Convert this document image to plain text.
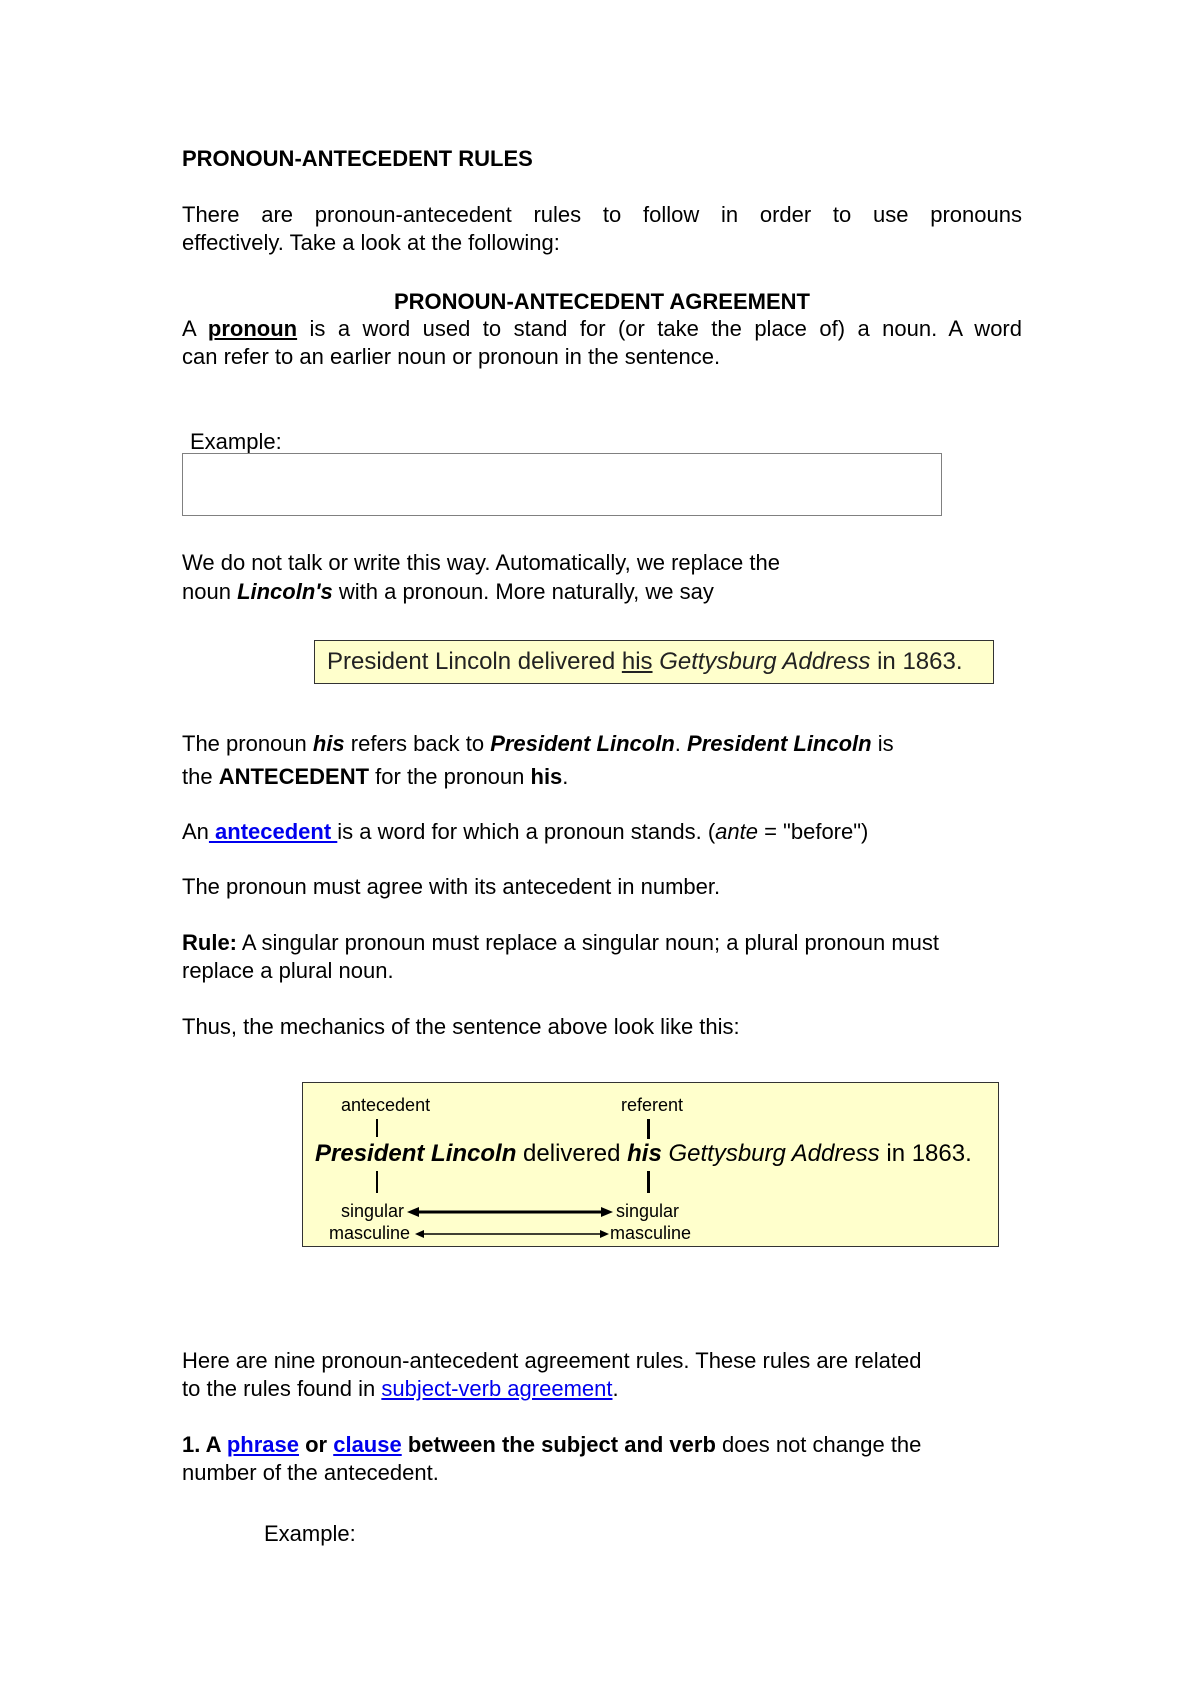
PRONOUN-ANTECEDENT RULES
There are pronoun-antecedent rules to follow in order to use pronouns
effectively. Take a look at the following:
PRONOUN-ANTECEDENT AGREEMENT
A pronoun is a word used to stand for (or take the place of) a noun. A word
can refer to an earlier noun or pronoun in the sentence.
Example:
We do not talk or write this way. Automatically, we replace the
noun Lincoln's with a pronoun. More naturally, we say
President Lincoln delivered his Gettysburg Address in 1863.
The pronoun his refers back to President Lincoln. President Lincoln is
the ANTECEDENT for the pronoun his.
An antecedent is a word for which a pronoun stands. (ante = "before")
The pronoun must agree with its antecedent in number.
Rule: A singular pronoun must replace a singular noun; a plural pronoun must
replace a plural noun.
Thus, the mechanics of the sentence above look like this:
antecedent	referent
President Lincoln delivered his Gettysburg Address in 1863.
singular
masculine
singular
masculine
Here are nine pronoun-antecedent agreement rules. These rules are related
to the rules found in subject-verb agreement.
1. A phrase or clause between the subject and verb does not change the
number of the antecedent.
Example:
